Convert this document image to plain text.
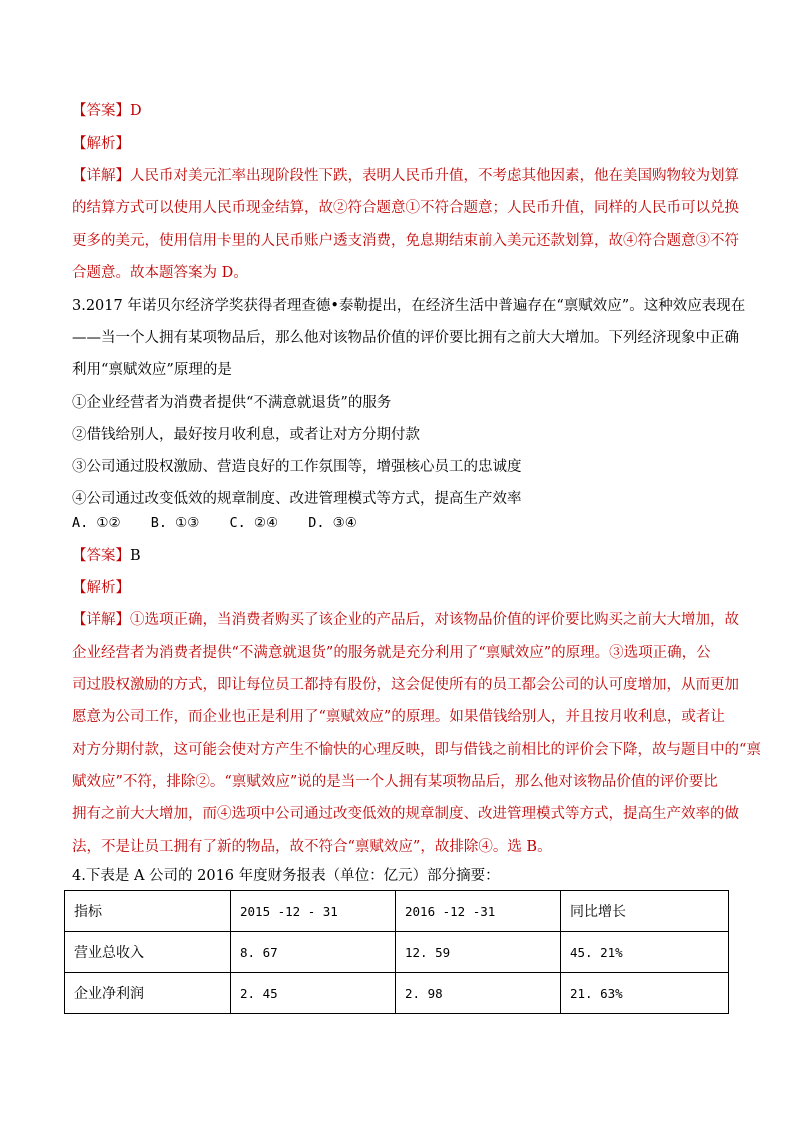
【答案】D
【解析】
【详解】人民币对美元汇率出现阶段性下跌，表明人民币升值，不考虑其他因素，他在美国购物较为划算
的结算方式可以使用人民币现金结算，故②符合题意①不符合题意；人民币升值，同样的人民币可以兑换
更多的美元，使用信用卡里的人民币账户透支消费，免息期结束前入美元还款划算，故④符合题意③不符
合题意。故本题答案为 D。
3.2017 年诺贝尔经济学奖获得者理查德•泰勒提出，在经济生活中普遍存在“禀赋效应”。这种效应表现在
——当一个人拥有某项物品后，那么他对该物品价值的评价要比拥有之前大大增加。下列经济现象中正确
利用“禀赋效应”原理的是
①企业经营者为消费者提供“不满意就退货”的服务
②借钱给别人，最好按月收利息，或者让对方分期付款
③公司通过股权激励、营造良好的工作氛围等，增强核心员工的忠诚度
④公司通过改变低效的规章制度、改进管理模式等方式，提高生产效率
A. ①② B. ①③ C. ②④ D. ③④
【答案】B
【解析】
【详解】①选项正确，当消费者购买了该企业的产品后，对该物品价值的评价要比购买之前大大增加，故
企业经营者为消费者提供“不满意就退货”的服务就是充分利用了“禀赋效应”的原理。③选项正确，公
司过股权激励的方式，即让每位员工都持有股份，这会促使所有的员工都会公司的认可度增加，从而更加
愿意为公司工作，而企业也正是利用了“禀赋效应”的原理。如果借钱给别人，并且按月收利息，或者让
对方分期付款，这可能会使对方产生不愉快的心理反映，即与借钱之前相比的评价会下降，故与题目中的“禀
赋效应”不符，排除②。“禀赋效应”说的是当一个人拥有某项物品后，那么他对该物品价值的评价要比
拥有之前大大增加，而④选项中公司通过改变低效的规章制度、改进管理模式等方式，提高生产效率的做
法，不是让员工拥有了新的物品，故不符合“禀赋效应”，故排除④。选 B。
4.下表是 A 公司的 2016 年度财务报表（单位：亿元）部分摘要：
指标	2015 -12 - 31	2016 -12 -31	同比增长
营业总收入	8. 67	12. 59	45. 21%
企业净利润	2. 45	2. 98	21. 63%
